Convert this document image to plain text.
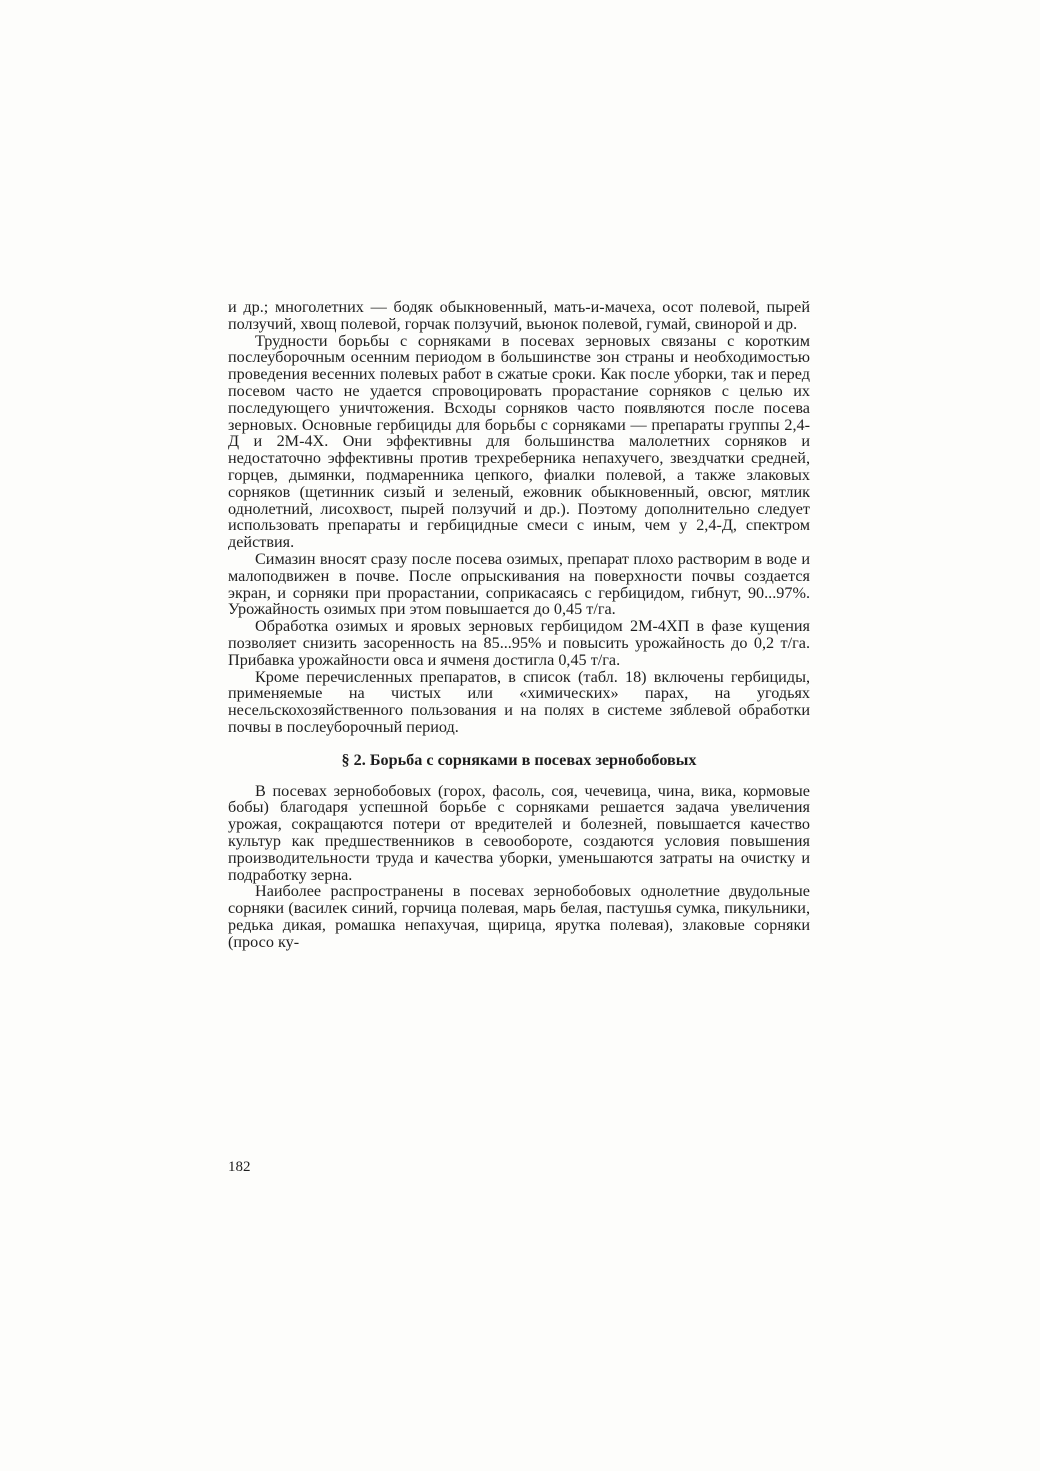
и др.; многолетних — бодяк обыкновенный, мать-и-мачеха, осот полевой, пырей ползучий, хвощ полевой, горчак ползучий, вьюнок полевой, гумай, свинорой и др.

Трудности борьбы с сорняками в посевах зерновых связаны с коротким послеуборочным осенним периодом в большинстве зон страны и необходимостью проведения весенних полевых работ в сжатые сроки. Как после уборки, так и перед посевом часто не удается спровоцировать прорастание сорняков с целью их последующего уничтожения. Всходы сорняков часто появляются после посева зерновых. Основные гербициды для борьбы с сорняками — препараты группы 2,4-Д и 2М-4Х. Они эффективны для большинства малолетних сорняков и недостаточно эффективны против трехреберника непахучего, звездчатки средней, горцев, дымянки, подмаренника цепкого, фиалки полевой, а также злаковых сорняков (щетинник сизый и зеленый, ежовник обыкновенный, овсюг, мятлик однолетний, лисохвост, пырей ползучий и др.). Поэтому дополнительно следует использовать препараты и гербицидные смеси с иным, чем у 2,4-Д, спектром действия.

Симазин вносят сразу после посева озимых, препарат плохо растворим в воде и малоподвижен в почве. После опрыскивания на поверхности почвы создается экран, и сорняки при прорастании, соприкасаясь с гербицидом, гибнут, 90...97%. Урожайность озимых при этом повышается до 0,45 т/га.

Обработка озимых и яровых зерновых гербицидом 2М-4ХП в фазе кущения позволяет снизить засоренность на 85...95% и повысить урожайность до 0,2 т/га. Прибавка урожайности овса и ячменя достигла 0,45 т/га.

Кроме перечисленных препаратов, в список (табл. 18) включены гербициды, применяемые на чистых или «химических» парах, на угодьях несельскохозяйственного пользования и на полях в системе зяблевой обработки почвы в послеуборочный период.

§ 2. Борьба с сорняками в посевах зернобобовых

В посевах зернобобовых (горох, фасоль, соя, чечевица, чина, вика, кормовые бобы) благодаря успешной борьбе с сорняками решается задача увеличения урожая, сокращаются потери от вредителей и болезней, повышается качество культур как предшественников в севообороте, создаются условия повышения производительности труда и качества уборки, уменьшаются затраты на очистку и подработку зерна.

Наиболее распространены в посевах зернобобовых однолетние двудольные сорняки (василек синий, горчица полевая, марь белая, пастушья сумка, пикульники, редька дикая, ромашка непахучая, щирица, ярутка полевая), злаковые сорняки (просо ку-

182
